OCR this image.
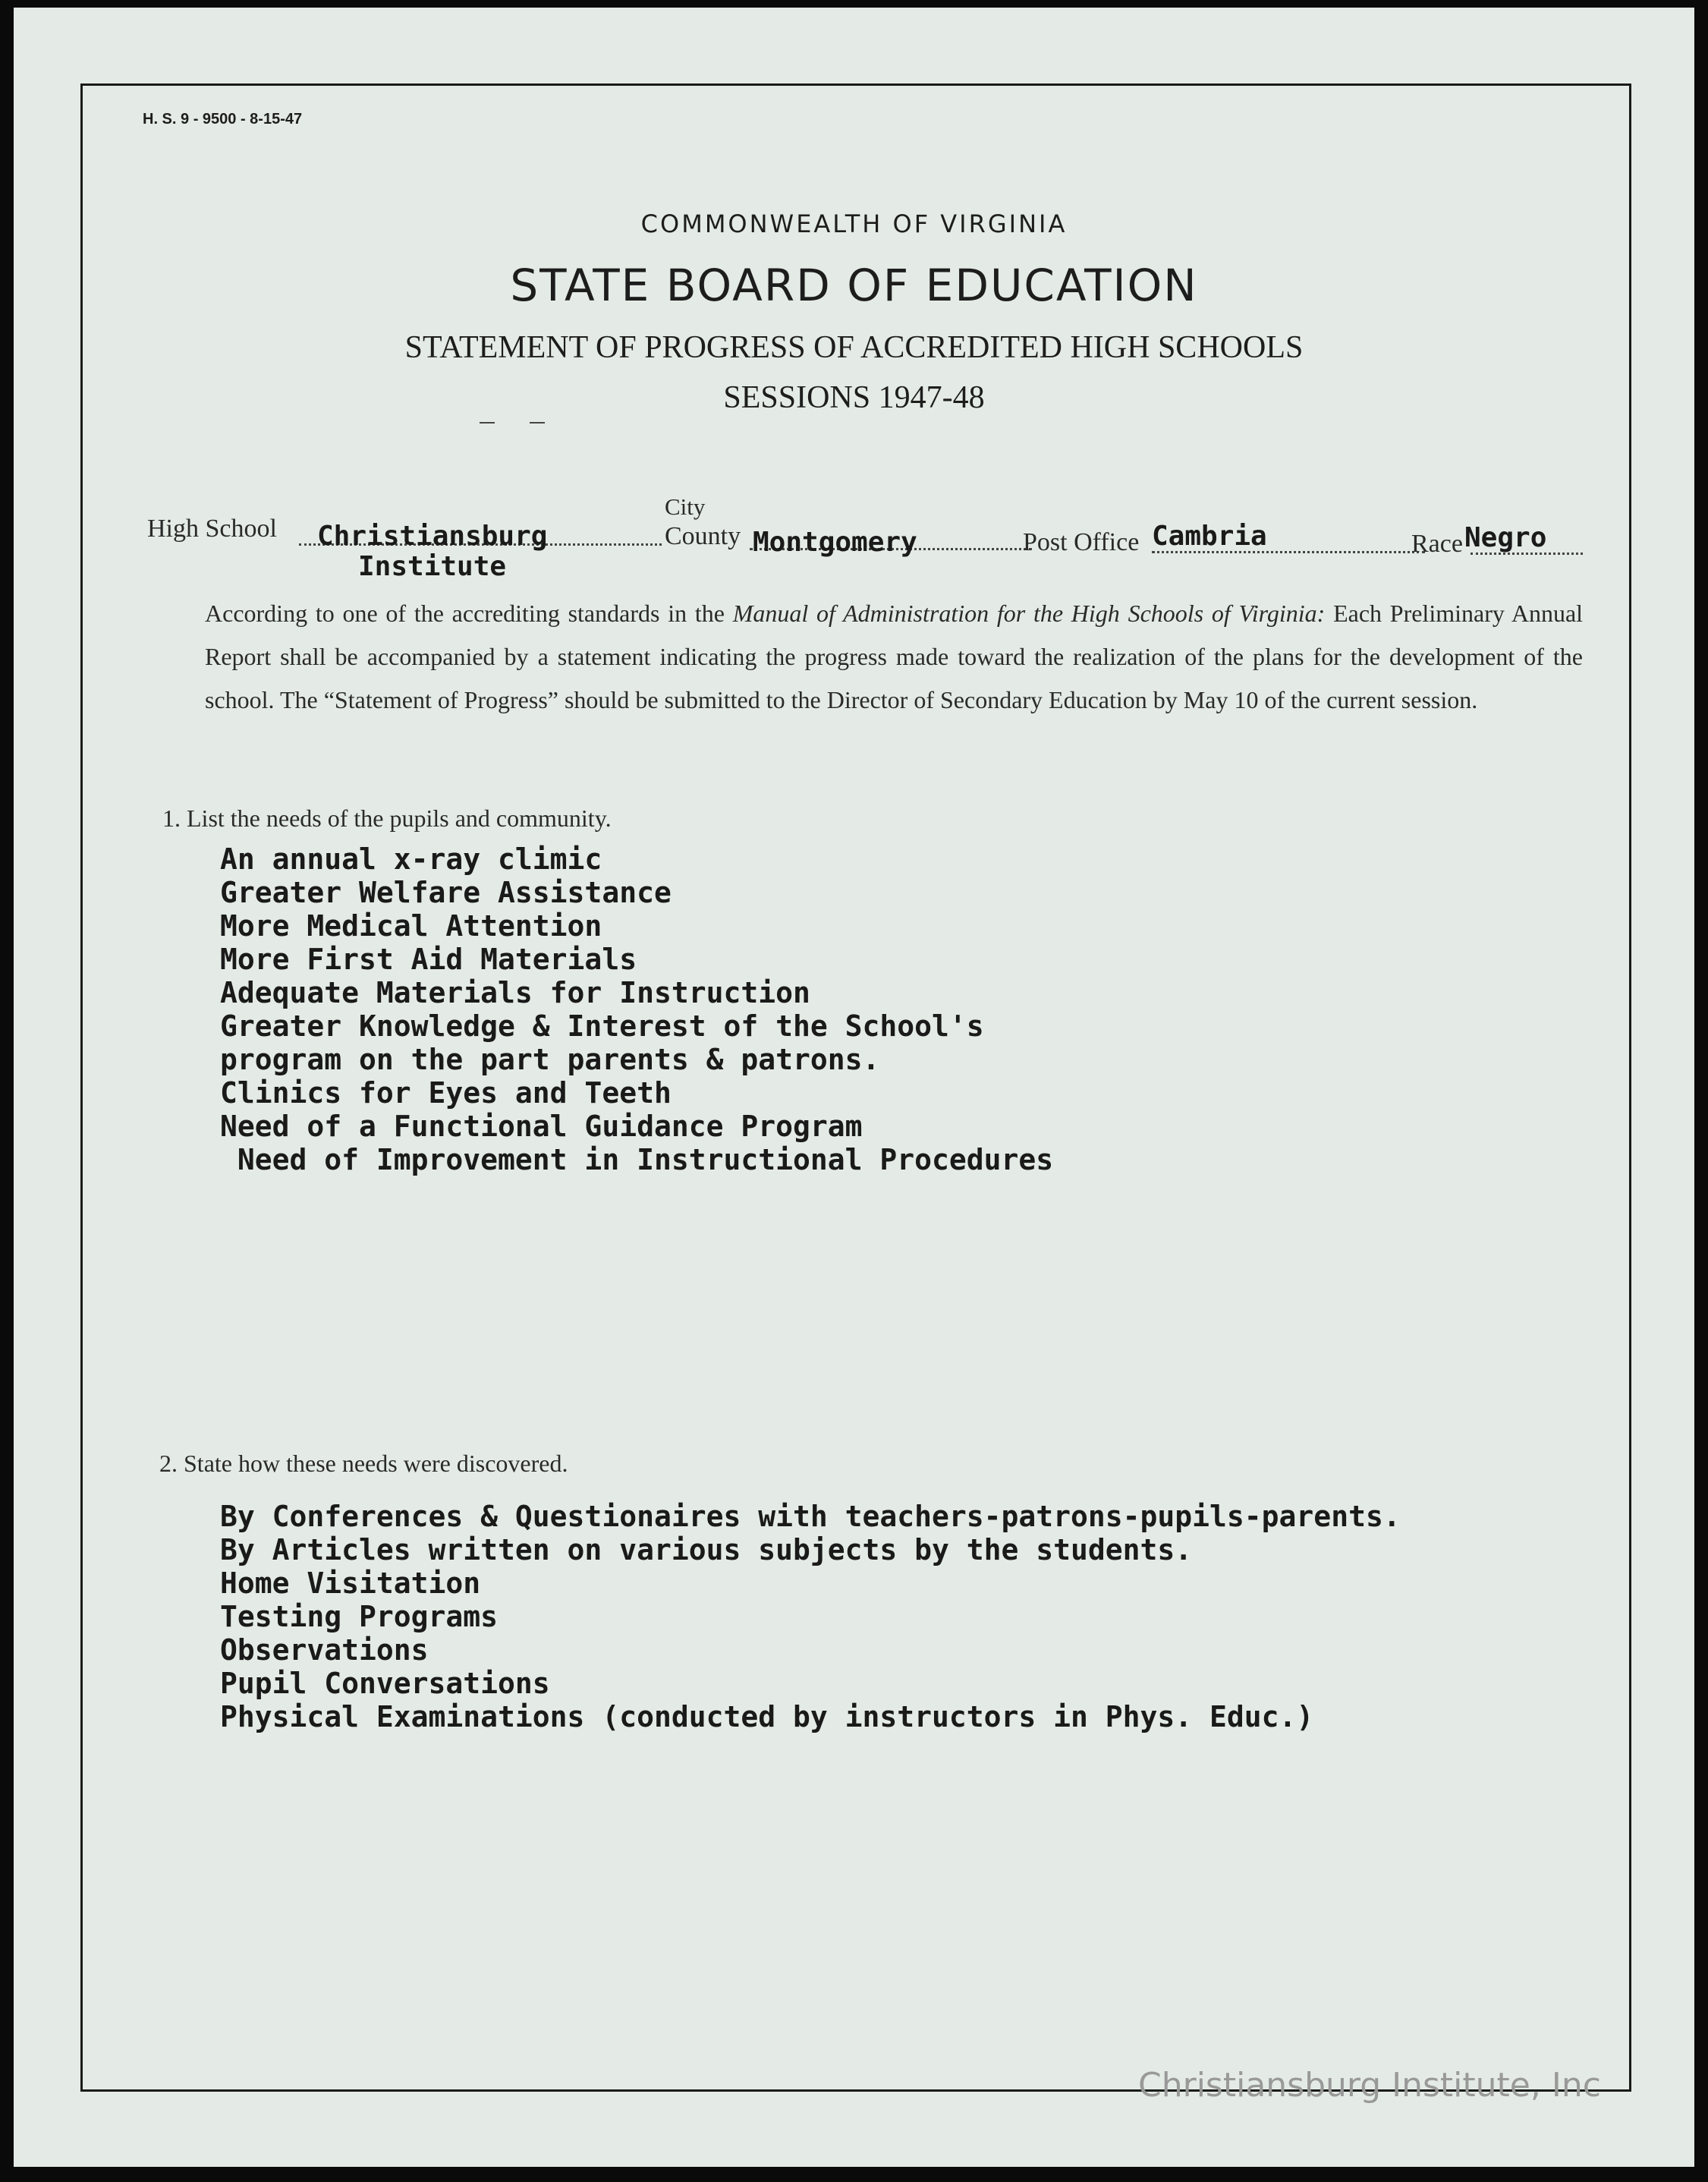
H. S. 9 - 9500 - 8-15-47
COMMONWEALTH OF VIRGINIA
STATE BOARD OF EDUCATION
STATEMENT OF PROGRESS OF ACCREDITED HIGH SCHOOLS
SESSIONS 1947-48
High School Christiansburg
Institute
City
County Montgomery	Post Office Cambria	Race Negro
According to one of the accrediting standards in the Manual of Administration for the High Schools of Virginia: Each Preliminary Annual Report shall be accompanied by a statement indicating the progress made toward the realization of the plans for the development of the school. The “Statement of Progress” should be submitted to the Director of Secondary Education by May 10 of the current session.
1. List the needs of the pupils and community.
An annual x-ray climic
Greater Welfare Assistance
More Medical Attention
More First Aid Materials
Adequate Materials for Instruction
Greater Knowledge & Interest of the School's
program on the part parents & patrons.
Clinics for Eyes and Teeth
Need of a Functional Guidance Program
Need of Improvement in Instructional Procedures
2. State how these needs were discovered.
By Conferences & Questionaires with teachers-patrons-pupils-parents.
By Articles written on various subjects by the students.
Home Visitation
Testing Programs
Observations
Pupil Conversations
Physical Examinations (conducted by instructors in Phys. Educ.)
Christiansburg Institute, Inc
